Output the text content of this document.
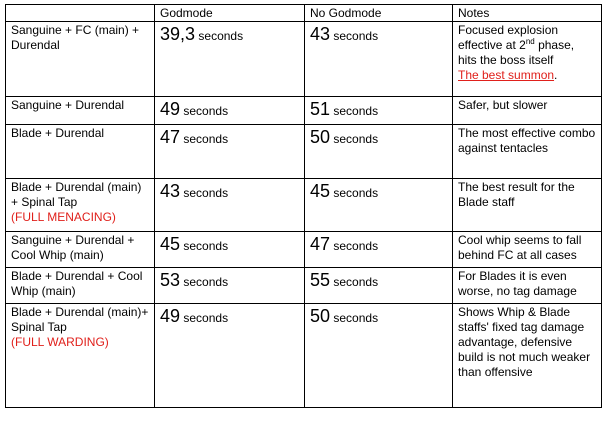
	Godmode	No Godmode	Notes
Sanguine + FC (main) + Durendal	39,3 seconds	43 seconds	Focused explosion effective at 2nd phase, hits the boss itself
The best summon.
Sanguine + Durendal	49 seconds	51 seconds	Safer, but slower
Blade + Durendal	47 seconds	50 seconds	The most effective combo against tentacles
Blade + Durendal (main) + Spinal Tap
(FULL MENACING)	43 seconds	45 seconds	The best result for the Blade staff
Sanguine + Durendal + Cool Whip (main)	45 seconds	47 seconds	Cool whip seems to fall behind FC at all cases
Blade + Durendal + Cool Whip (main)	53 seconds	55 seconds	For Blades it is even worse, no tag damage
Blade + Durendal (main)+ Spinal Tap
(FULL WARDING)	49 seconds	50 seconds	Shows Whip & Blade staffs' fixed tag damage advantage, defensive build is not much weaker than offensive
